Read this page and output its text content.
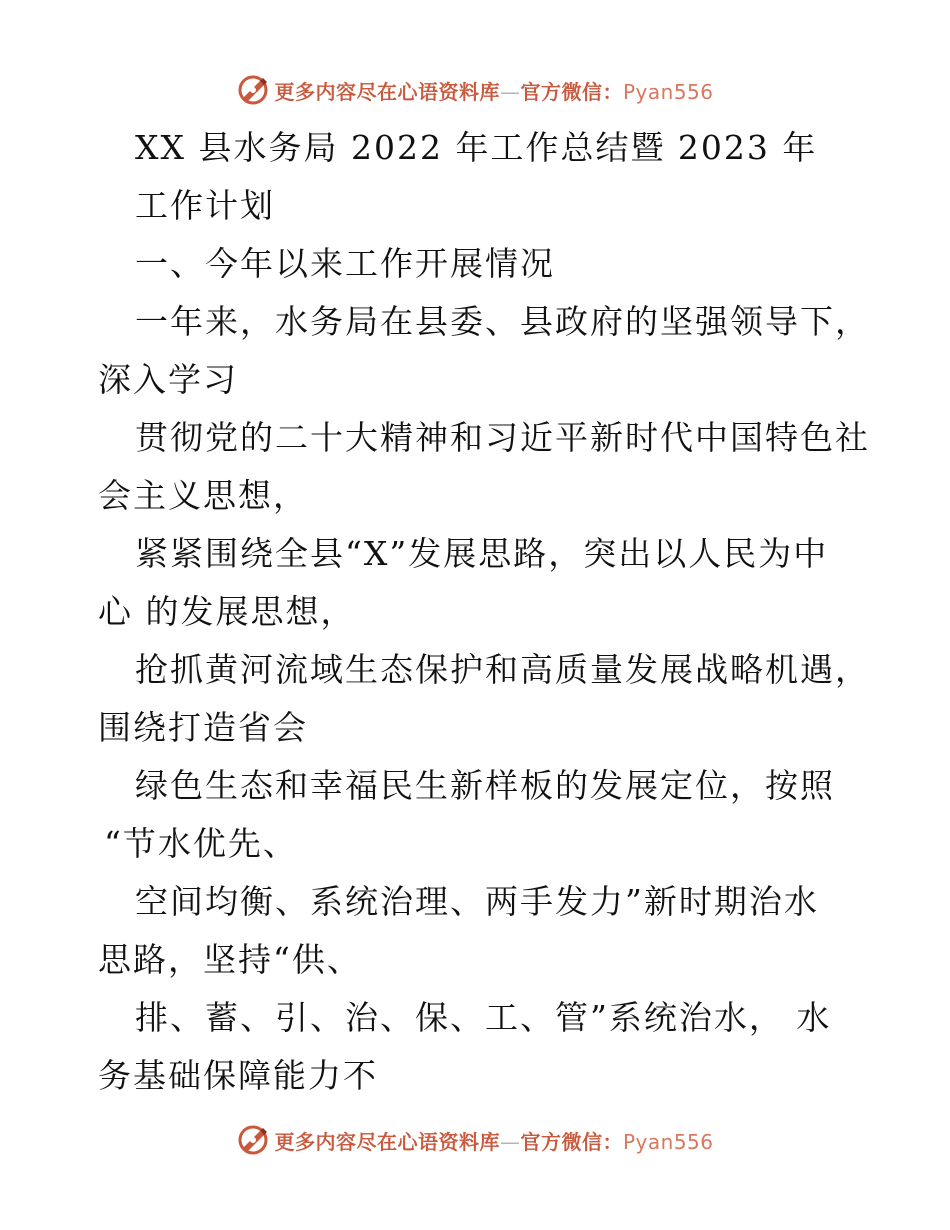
更多内容尽在心语资料库—官方微信：Pyan556
XX 县水务局 2022 年工作总结暨 2023 年
工作计划
一、今年以来工作开展情况
一年来，水务局在县委、县政府的坚强领导下，
深入学习
贯彻党的二十大精神和习近平新时代中国特色社
会主义思想，
紧紧围绕全县“X”发展思路，突出以人民为中
心 的发展思想，
抢抓黄河流域生态保护和高质量发展战略机遇，
围绕打造省会
绿色生态和幸福民生新样板的发展定位，按照
“节水优先、
空间均衡、系统治理、两手发力”新时期治水
思路，坚持“供、
排、蓄、引、治、保、工、管”系统治水， 水
务基础保障能力不
更多内容尽在心语资料库—官方微信：Pyan556
